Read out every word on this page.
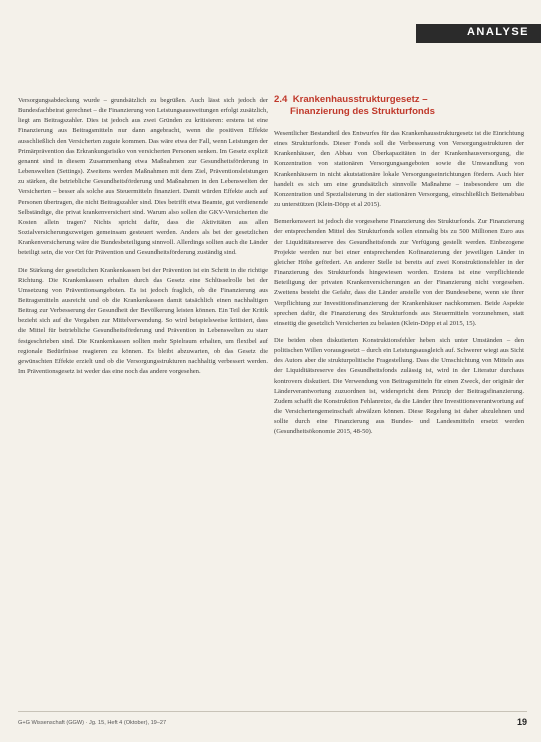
ANALYSE

Versorgungsabdeckung wurde – grundsätzlich zu begrüßen. Auch lässt sich jedoch der Bundesfachbeirat gerechnet – die Finanzierung von Leistungsausweitungen erfolgt zusätzlich, liegt am Beitragszahler. Dies ist jedoch aus zwei Gründen zu kritisieren: erstens ist eine Finanzierung aus Beitragsmitteln nur dann angebracht, wenn die positiven Effekte ausschließlich den Versicherten zugute kommen. Das wäre etwa der Fall, wenn Leistungen der Primärprävention das Erkrankungsrisiko von versicherten Personen senken. Im Gesetz explizit genannt sind in diesem Zusammenhang etwa Maßnahmen zur Gesundheitsförderung in Lebenswelten (Settings). Zweitens werden Maßnahmen mit dem Ziel, Präventionsleistungen zu stärken, die betriebliche Gesundheitsförderung und Maßnahmen in den Lebenswelten der Versicherten – besser als solche aus Steuermitteln finanziert. Damit würden Effekte auch auf Personen übertragen, die nicht Beitragszahler sind. Dies betrifft etwa Beamte, gut verdienende Selbständige, die privat krankenversichert sind. Warum also sollen die GKV-Versicherten die Kosten allein tragen? Nichts spricht dafür, dass die Aktivitäten aus allen Sozialversicherungszweigen gemeinsam gesteuert werden. Anders als bei der gesetzlichen Krankenversicherung wäre die Bundesbeteiligung sinnvoll. Allerdings sollten auch die Länder beteiligt sein, die vor Ort für Prävention und Gesundheitsförderung zuständig sind.

Die Stärkung der gesetzlichen Krankenkassen bei der Prävention ist ein Schritt in die richtige Richtung. Die Krankenkassen erhalten durch das Gesetz eine Schlüsselrolle bei der Umsetzung von Präventionsangeboten. Es ist jedoch fraglich, ob die Finanzierung aus Beitragsmitteln ausreicht und ob die Krankenkassen damit tatsächlich einen nachhaltigen Beitrag zur Verbesserung der Gesundheit der Bevölkerung leisten können. Ein Teil der Kritik bezieht sich auf die Vorgaben zur Mittelverwendung. So wird beispielsweise kritisiert, dass die Mittel für betriebliche Gesundheitsförderung und Prävention in Lebenswelten zu starr festgeschrieben sind. Die Krankenkassen sollten mehr Spielraum erhalten, um flexibel auf regionale Bedürfnisse reagieren zu können. Es bleibt abzuwarten, ob das Gesetz die gewünschten Effekte erzielt und ob die Versorgungsstrukturen nachhaltig verbessert werden. Im Präventionsgesetz ist weder das eine noch das andere vorgesehen.

2.4 Krankenhausstrukturgesetz –
Finanzierung des Strukturfonds

Wesentlicher Bestandteil des Entwurfes für das Krankenhausstrukturgesetz ist die Einrichtung eines Strukturfonds. Dieser Fonds soll die Verbesserung von Versorgungsstrukturen der Krankenhäuser, den Abbau von Überkapazitäten in der Krankenhausversorgung, die Konzentration von stationären Versorgungsangeboten sowie die Umwandlung von Krankenhäusern in nicht akutstationäre lokale Versorgungseinrichtungen fördern. Auch hier handelt es sich um eine grundsätzlich sinnvolle Maßnahme – insbesondere um die Konzentration und Spezialisierung in der stationären Versorgung, einschließlich Bettenabbau zu unterstützen (Klein-Döpp et al 2015).

Bemerkenswert ist jedoch die vorgesehene Finanzierung des Strukturfonds. Zur Finanzierung der entsprechenden Mittel des Strukturfonds sollen einmalig bis zu 500 Millionen Euro aus der Liquiditätsreserve des Gesundheitsfonds zur Verfügung gestellt werden. Einbezogene Projekte werden nur bei einer entsprechenden Kofinanzierung der jeweiligen Länder in gleicher Höhe gefördert. An anderer Stelle ist bereits auf zwei Konstruktionsfehler in der Finanzierung des Strukturfonds hingewiesen worden. Erstens ist eine verpflichtende Beteiligung der privaten Krankenversicherungen an der Finanzierung nicht vorgesehen. Zweitens besteht die Gefahr, dass die Länder anstelle von der Bundesebene, wenn sie ihrer Verpflichtung zur Investitionsfinanzierung der Krankenhäuser nachkommen. Beide Aspekte sprechen dafür, die Finanzierung des Strukturfonds aus Steuermitteln vorzunehmen, statt einseitig die gesetzlich Versicherten zu belasten (Klein-Döpp et al 2015, 15).

Die beiden oben diskutierten Konstruktionsfehler heben sich unter Umständen – den politischen Willen vorausgesetzt – durch ein Leistungsausgleich auf. Schwerer wiegt aus Sicht des Autors aber die strukturpolitische Fragestellung. Dass die Umschichtung von Mitteln aus der Liquiditätsreserve des Gesundheitsfonds zulässig ist, wird in der Literatur durchaus kontrovers diskutiert. Die Verwendung von Beitragsmitteln für einen Zweck, der originär der Länderverantwortung zuzuordnen ist, widerspricht dem Prinzip der Beitragsfinanzierung. Zudem schafft die Konstruktion Fehlanreize, da die Länder ihre Investitionsverantwortung auf die Versichertengemeinschaft abwälzen können. Diese Regelung ist daher abzulehnen und sollte durch eine Finanzierung aus Bundes- und Landesmitteln ersetzt werden (Gesundheitsökonomie 2015, 48-50).

G+G Wissenschaft (GGW) · Jg. 15, Heft 4 (Oktober), 19–27	19
